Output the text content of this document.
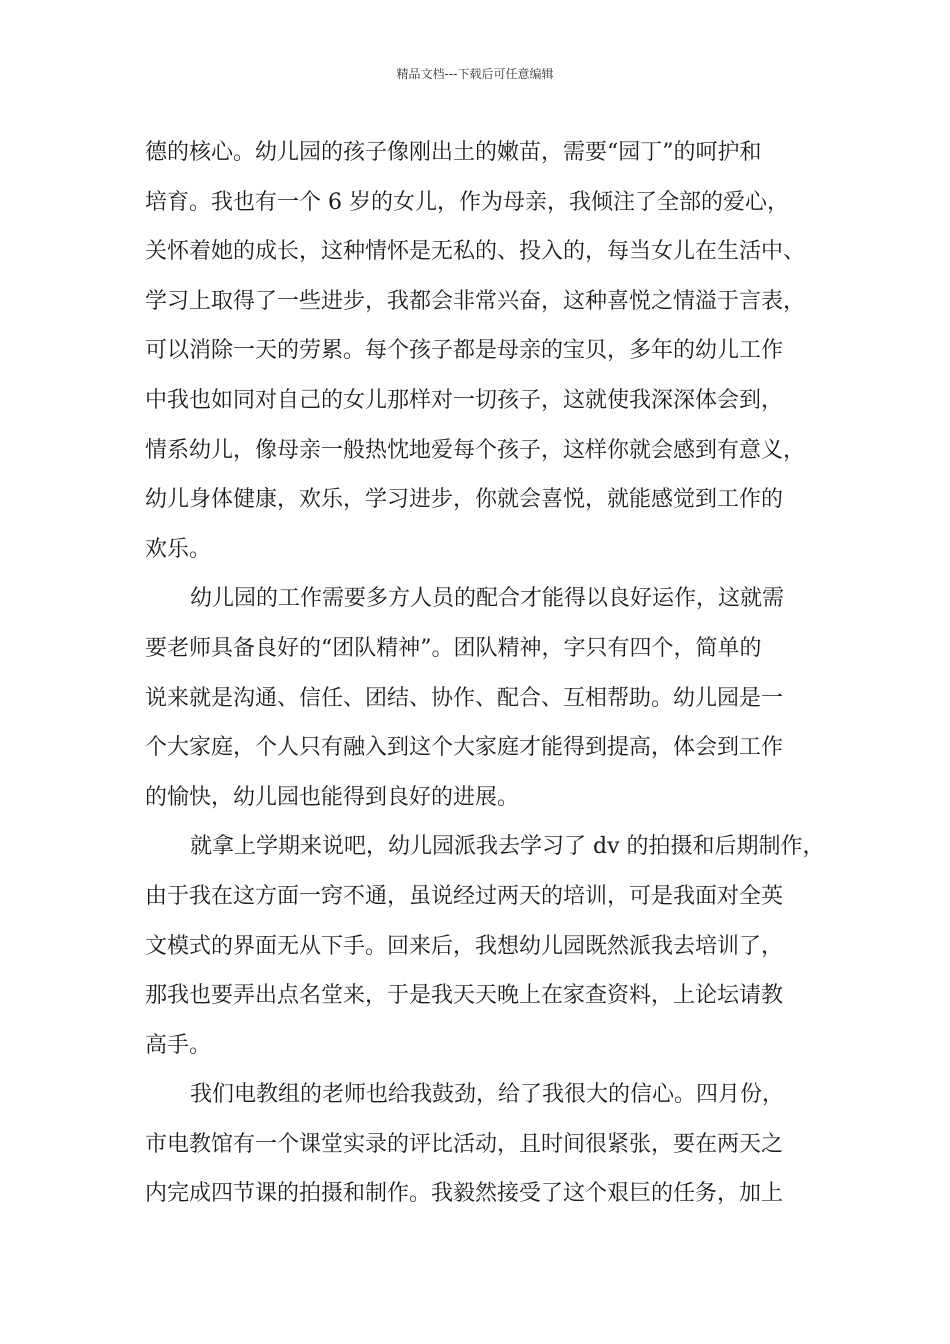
精品文档---下载后可任意编辑
德的核心。幼儿园的孩子像刚出土的嫩苗，需要“园丁”的呵护和
培育。我也有一个 6 岁的女儿，作为母亲，我倾注了全部的爱心，
关怀着她的成长，这种情怀是无私的、投入的，每当女儿在生活中、
学习上取得了一些进步，我都会非常兴奋，这种喜悦之情溢于言表，
可以消除一天的劳累。每个孩子都是母亲的宝贝，多年的幼儿工作
中我也如同对自己的女儿那样对一切孩子，这就使我深深体会到，
情系幼儿，像母亲一般热忱地爱每个孩子，这样你就会感到有意义，
幼儿身体健康，欢乐，学习进步，你就会喜悦，就能感觉到工作的
欢乐。
幼儿园的工作需要多方人员的配合才能得以良好运作，这就需
要老师具备良好的“团队精神”。团队精神，字只有四个，简单的
说来就是沟通、信任、团结、协作、配合、互相帮助。幼儿园是一
个大家庭，个人只有融入到这个大家庭才能得到提高，体会到工作
的愉快，幼儿园也能得到良好的进展。
就拿上学期来说吧，幼儿园派我去学习了 dv 的拍摄和后期制作，
由于我在这方面一窍不通，虽说经过两天的培训，可是我面对全英
文模式的界面无从下手。回来后，我想幼儿园既然派我去培训了，
那我也要弄出点名堂来，于是我天天晚上在家查资料，上论坛请教
高手。
我们电教组的老师也给我鼓劲，给了我很大的信心。四月份，
市电教馆有一个课堂实录的评比活动，且时间很紧张，要在两天之
内完成四节课的拍摄和制作。我毅然接受了这个艰巨的任务，加上
